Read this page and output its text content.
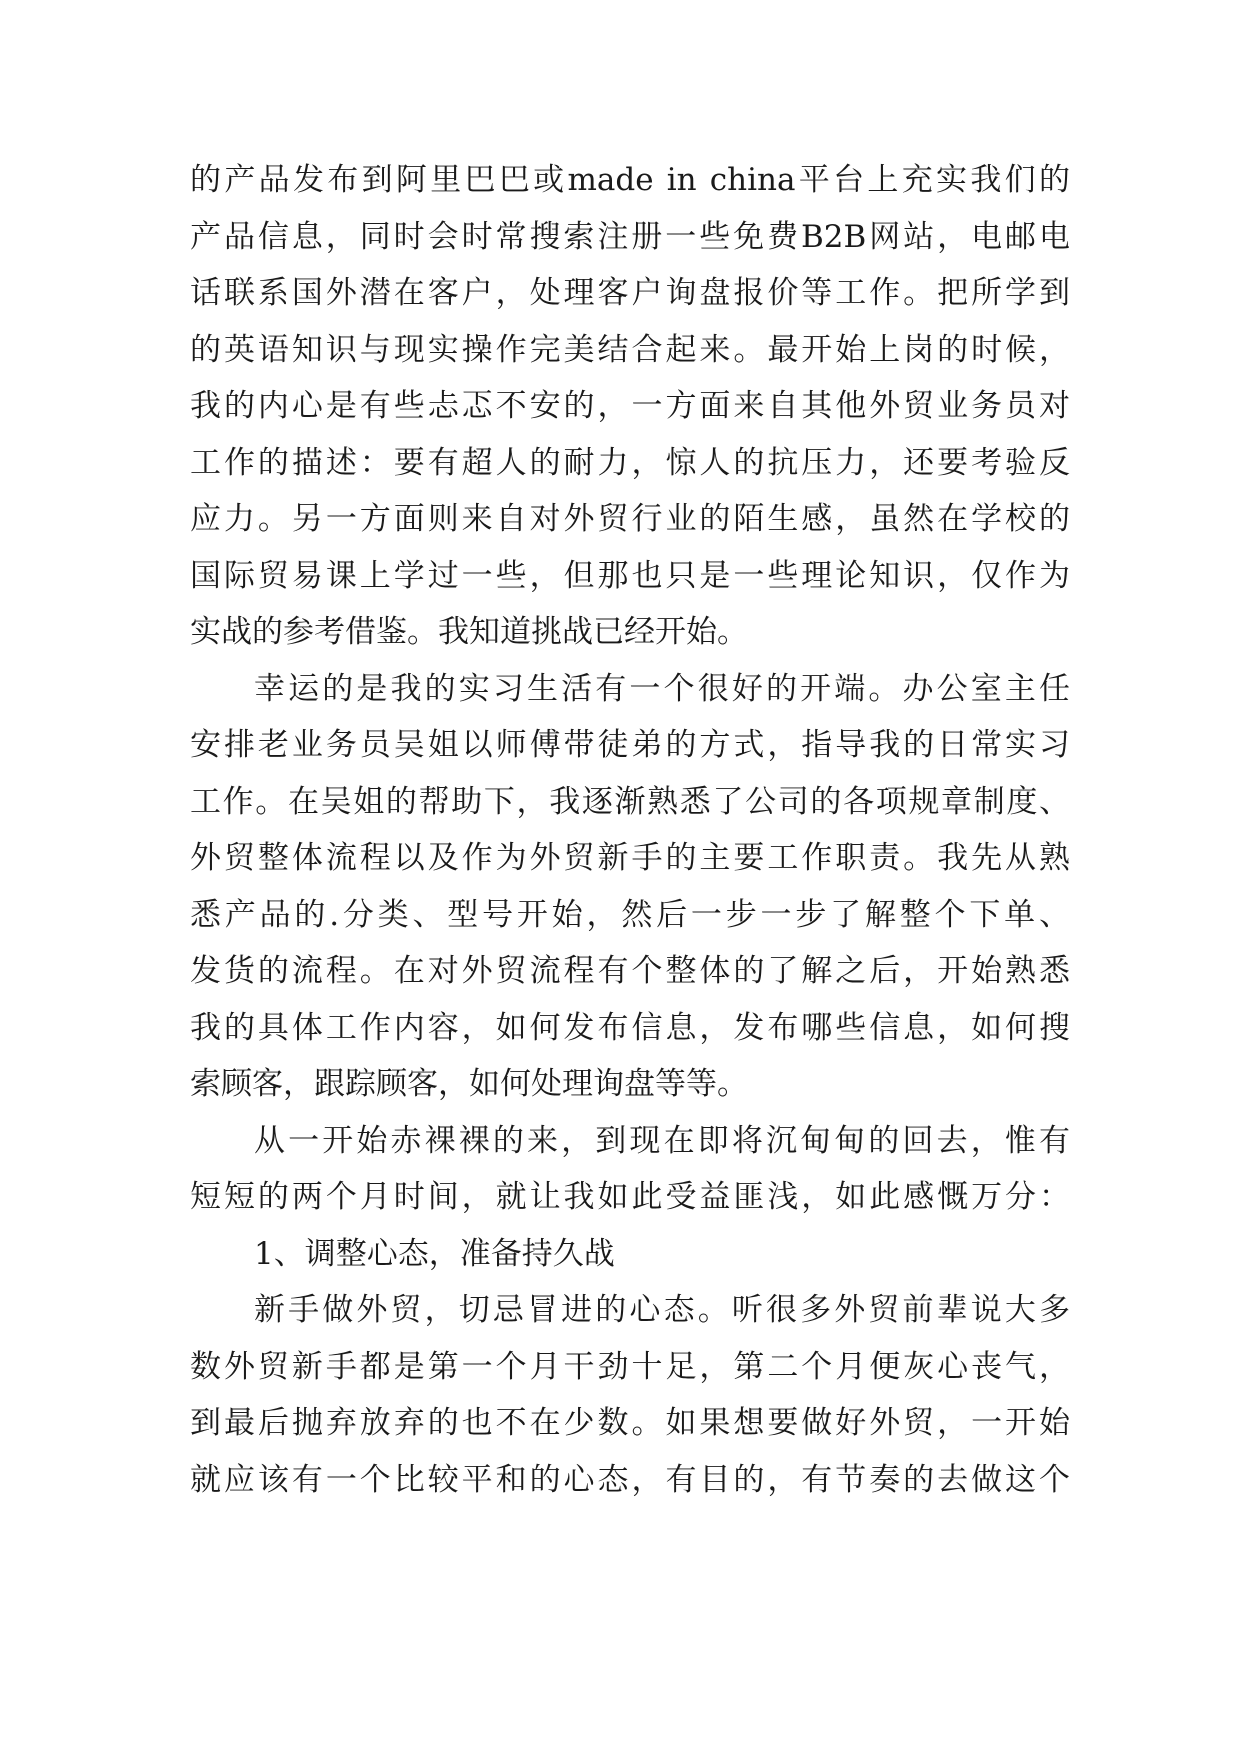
的产品发布到阿里巴巴或made in china平台上充实我们的
产品信息，同时会时常搜索注册一些免费B2B网站，电邮电
话联系国外潜在客户，处理客户询盘报价等工作。把所学到
的英语知识与现实操作完美结合起来。最开始上岗的时候，
我的内心是有些忐忑不安的，一方面来自其他外贸业务员对
工作的描述：要有超人的耐力，惊人的抗压力，还要考验反
应力。另一方面则来自对外贸行业的陌生感，虽然在学校的
国际贸易课上学过一些，但那也只是一些理论知识，仅作为
实战的参考借鉴。我知道挑战已经开始。
幸运的是我的实习生活有一个很好的开端。办公室主任
安排老业务员吴姐以师傅带徒弟的方式，指导我的日常实习
工作。在吴姐的帮助下，我逐渐熟悉了公司的各项规章制度、
外贸整体流程以及作为外贸新手的主要工作职责。我先从熟
悉产品的.分类、型号开始，然后一步一步了解整个下单、
发货的流程。在对外贸流程有个整体的了解之后，开始熟悉
我的具体工作内容，如何发布信息，发布哪些信息，如何搜
索顾客，跟踪顾客，如何处理询盘等等。
从一开始赤裸裸的来，到现在即将沉甸甸的回去，惟有
短短的两个月时间，就让我如此受益匪浅，如此感慨万分：
1、调整心态，准备持久战
新手做外贸，切忌冒进的心态。听很多外贸前辈说大多
数外贸新手都是第一个月干劲十足，第二个月便灰心丧气，
到最后抛弃放弃的也不在少数。如果想要做好外贸，一开始
就应该有一个比较平和的心态，有目的，有节奏的去做这个
